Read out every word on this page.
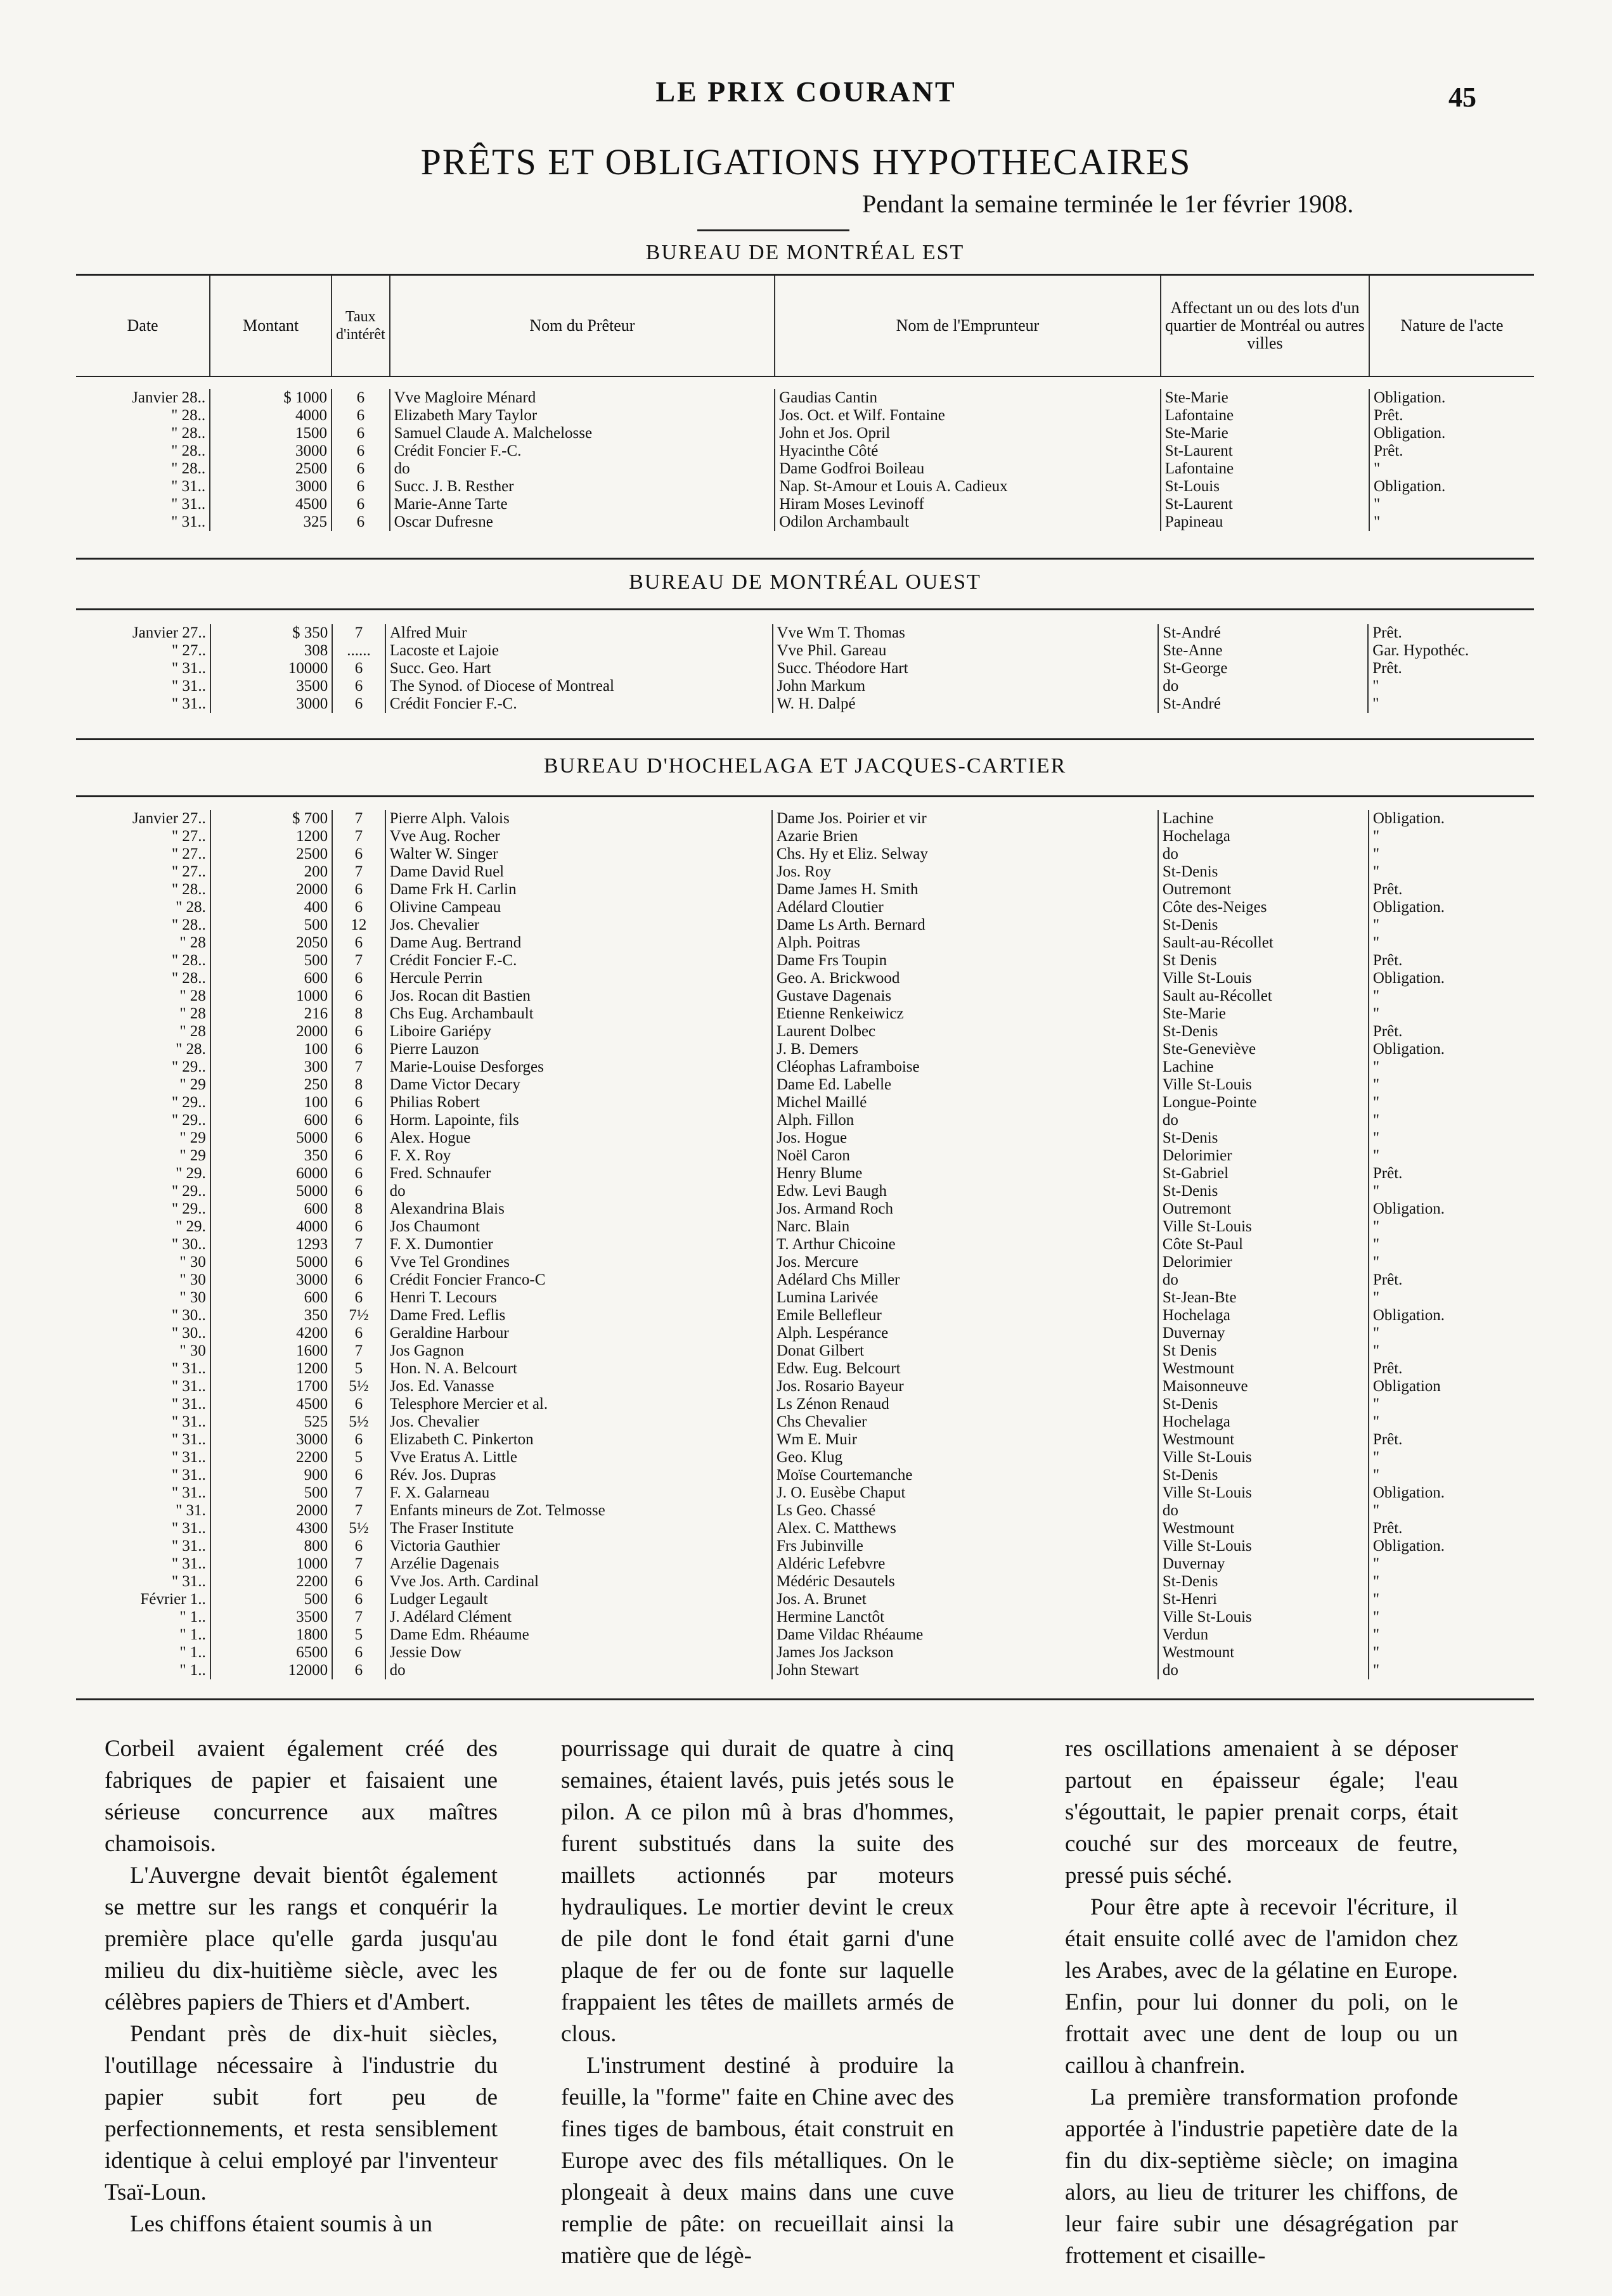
LE PRIX COURANT	45
PRÊTS ET OBLIGATIONS HYPOTHECAIRES
Pendant la semaine terminée le 1er février 1908.
BUREAU DE MONTRÉAL EST
Date	Montant	Taux d'intérêt	Nom du Prêteur	Nom de l'Emprunteur	Affectant un ou des lots d'un quartier de Montréal ou autres villes	Nature de l'acte

Janvier 28..	$ 1000	6	Vve Magloire Ménard	Gaudias Cantin	Ste-Marie	Obligation.
" 28..	4000	6	Elizabeth Mary Taylor	Jos. Oct. et Wilf. Fontaine	Lafontaine	Prêt.
" 28..	1500	6	Samuel Claude A. Malchelosse	John et Jos. Opril	Ste-Marie	Obligation.
" 28..	3000	6	Crédit Foncier F.-C.	Hyacinthe Côté	St-Laurent	Prêt.
" 28..	2500	6	do	Dame Godfroi Boileau	Lafontaine	"
" 31..	3000	6	Succ. J. B. Resther	Nap. St-Amour et Louis A. Cadieux	St-Louis	Obligation.
" 31..	4500	6	Marie-Anne Tarte	Hiram Moses Levinoff	St-Laurent	"
" 31..	325	6	Oscar Dufresne	Odilon Archambault	Papineau	"
BUREAU DE MONTRÉAL OUEST
Janvier 27..	$ 350	7	Alfred Muir	Vve Wm T. Thomas	St-André	Prêt.
" 27..	308	......	Lacoste et Lajoie	Vve Phil. Gareau	Ste-Anne	Gar. Hypothéc.
" 31..	10000	6	Succ. Geo. Hart	Succ. Théodore Hart	St-George	Prêt.
" 31..	3500	6	The Synod. of Diocese of Montreal	John Markum	do	"
" 31..	3000	6	Crédit Foncier F.-C.	W. H. Dalpé	St-André	"
BUREAU D'HOCHELAGA ET JACQUES-CARTIER
Janvier 27..	$ 700	7	Pierre Alph. Valois	Dame Jos. Poirier et vir	Lachine	Obligation.
" 27..	1200	7	Vve Aug. Rocher	Azarie Brien	Hochelaga	"
" 27..	2500	6	Walter W. Singer	Chs. Hy et Eliz. Selway	do	"
" 27..	200	7	Dame David Ruel	Jos. Roy	St-Denis	"
" 28..	2000	6	Dame Frk H. Carlin	Dame James H. Smith	Outremont	Prêt.
" 28.	400	6	Olivine Campeau	Adélard Cloutier	Côte des-Neiges	Obligation.
" 28..	500	12	Jos. Chevalier	Dame Ls Arth. Bernard	St-Denis	"
" 28	2050	6	Dame Aug. Bertrand	Alph. Poitras	Sault-au-Récollet	"
" 28..	500	7	Crédit Foncier F.-C.	Dame Frs Toupin	St Denis	Prêt.
" 28..	600	6	Hercule Perrin	Geo. A. Brickwood	Ville St-Louis	Obligation.
" 28	1000	6	Jos. Rocan dit Bastien	Gustave Dagenais	Sault au-Récollet	"
" 28	216	8	Chs Eug. Archambault	Etienne Renkeiwicz	Ste-Marie	"
" 28	2000	6	Liboire Gariépy	Laurent Dolbec	St-Denis	Prêt.
" 28.	100	6	Pierre Lauzon	J. B. Demers	Ste-Geneviève	Obligation.
" 29..	300	7	Marie-Louise Desforges	Cléophas Laframboise	Lachine	"
" 29	250	8	Dame Victor Decary	Dame Ed. Labelle	Ville St-Louis	"
" 29..	100	6	Philias Robert	Michel Maillé	Longue-Pointe	"
" 29..	600	6	Horm. Lapointe, fils	Alph. Fillon	do	"
" 29	5000	6	Alex. Hogue	Jos. Hogue	St-Denis	"
" 29	350	6	F. X. Roy	Noël Caron	Delorimier	"
" 29.	6000	6	Fred. Schnaufer	Henry Blume	St-Gabriel	Prêt.
" 29..	5000	6	do	Edw. Levi Baugh	St-Denis	"
" 29..	600	8	Alexandrina Blais	Jos. Armand Roch	Outremont	Obligation.
" 29.	4000	6	Jos Chaumont	Narc. Blain	Ville St-Louis	"
" 30..	1293	7	F. X. Dumontier	T. Arthur Chicoine	Côte St-Paul	"
" 30	5000	6	Vve Tel Grondines	Jos. Mercure	Delorimier	"
" 30	3000	6	Crédit Foncier Franco-C	Adélard Chs Miller	do	Prêt.
" 30	600	6	Henri T. Lecours	Lumina Larivée	St-Jean-Bte	"
" 30..	350	7½	Dame Fred. Leflis	Emile Bellefleur	Hochelaga	Obligation.
" 30..	4200	6	Geraldine Harbour	Alph. Lespérance	Duvernay	"
" 30	1600	7	Jos Gagnon	Donat Gilbert	St Denis	"
" 31..	1200	5	Hon. N. A. Belcourt	Edw. Eug. Belcourt	Westmount	Prêt.
" 31..	1700	5½	Jos. Ed. Vanasse	Jos. Rosario Bayeur	Maisonneuve	Obligation
" 31..	4500	6	Telesphore Mercier et al.	Ls Zénon Renaud	St-Denis	"
" 31..	525	5½	Jos. Chevalier	Chs Chevalier	Hochelaga	"
" 31..	3000	6	Elizabeth C. Pinkerton	Wm E. Muir	Westmount	Prêt.
" 31..	2200	5	Vve Eratus A. Little	Geo. Klug	Ville St-Louis	"
" 31..	900	6	Rév. Jos. Dupras	Moïse Courtemanche	St-Denis	"
" 31..	500	7	F. X. Galarneau	J. O. Eusèbe Chaput	Ville St-Louis	Obligation.
" 31.	2000	7	Enfants mineurs de Zot. Telmosse	Ls Geo. Chassé	do	"
" 31..	4300	5½	The Fraser Institute	Alex. C. Matthews	Westmount	Prêt.
" 31..	800	6	Victoria Gauthier	Frs Jubinville	Ville St-Louis	Obligation.
" 31..	1000	7	Arzélie Dagenais	Aldéric Lefebvre	Duvernay	"
" 31..	2200	6	Vve Jos. Arth. Cardinal	Médéric Desautels	St-Denis	"
Février 1..	500	6	Ludger Legault	Jos. A. Brunet	St-Henri	"
" 1..	3500	7	J. Adélard Clément	Hermine Lanctôt	Ville St-Louis	"
" 1..	1800	5	Dame Edm. Rhéaume	Dame Vildac Rhéaume	Verdun	"
" 1..	6500	6	Jessie Dow	James Jos Jackson	Westmount	"
" 1..	12000	6	do	John Stewart	do	"

Corbeil avaient également créé des fabriques de papier et faisaient une sérieuse concurrence aux maîtres chamoisois.

L'Auvergne devait bientôt également se mettre sur les rangs et conquérir la première place qu'elle garda jusqu'au milieu du dix-huitième siècle, avec les célèbres papiers de Thiers et d'Ambert.

Pendant près de dix-huit siècles, l'outillage nécessaire à l'industrie du papier subit fort peu de perfectionnements, et resta sensiblement identique à celui employé par l'inventeur Tsaï-Loun.

Les chiffons étaient soumis à un

pourrissage qui durait de quatre à cinq semaines, étaient lavés, puis jetés sous le pilon. A ce pilon mû à bras d'hommes, furent substitués dans la suite des maillets actionnés par moteurs hydrauliques. Le mortier devint le creux de pile dont le fond était garni d'une plaque de fer ou de fonte sur laquelle frappaient les têtes de maillets armés de clous.

L'instrument destiné à produire la feuille, la "forme" faite en Chine avec des fines tiges de bambous, était construit en Europe avec des fils métalliques. On le plongeait à deux mains dans une cuve remplie de pâte: on recueillait ainsi la matière que de légè-

res oscillations amenaient à se déposer partout en épaisseur égale; l'eau s'égouttait, le papier prenait corps, était couché sur des morceaux de feutre, pressé puis séché.

Pour être apte à recevoir l'écriture, il était ensuite collé avec de l'amidon chez les Arabes, avec de la gélatine en Europe. Enfin, pour lui donner du poli, on le frottait avec une dent de loup ou un caillou à chanfrein.

La première transformation profonde apportée à l'industrie papetière date de la fin du dix-septième siècle; on imagina alors, au lieu de triturer les chiffons, de leur faire subir une désagrégation par frottement et cisaille-
